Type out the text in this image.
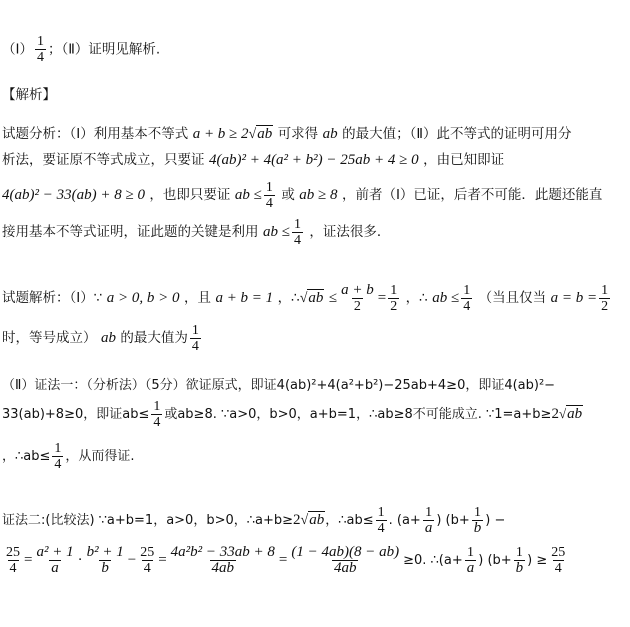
（Ⅰ） $\frac{1}{4}$ ；（Ⅱ）证明见解析.
【解析】
试题分析：（Ⅰ）利用基本不等式 a + b ≥ 2√ab 可求得 ab 的最大值；（Ⅱ）此不等式的证明可用分
析法，要证原不等式成立，只要证 4(ab)² + 4(a² + b²) − 25ab + 4 ≥ 0 ，由已知即证
4(ab)² − 33(ab) + 8 ≥ 0 ，也即只要证 ab ≤ $\frac{1}{4}$ 或 ab ≥ 8 ，前者（Ⅰ）已证，后者不可能．此题还能直
接用基本不等式证明，证此题的关键是利用 ab ≤ $\frac{1}{4}$ ，证法很多．
试题解析：（Ⅰ）∵ a > 0, b > 0 ，且 a + b = 1 ，∴√ab ≤ $\frac{a + b}{2} = \frac{1}{2}$ ，∴ ab ≤ $\frac{1}{4}$ （当且仅当 $a = b = \frac{1}{2}$
时，等号成立） ab 的最大值为 $\frac{1}{4}$
（Ⅱ）证法一：（分析法）（5分）欲证原式，即证4(ab)²+4(a²+b²)−25ab+4≥0，即证4(ab)²−
33(ab)+8≥0，即证$ab\le \frac{1}{4}$ 或ab≥8. ∵a>0，b>0，a+b=1，∴ab≥8不可能成立. ∵1=a+b≥2√ab
，∴ab≤ $\frac{1}{4}$ ，从而得证.
证法二:(比较法) ∵a+b=1，a>0，b>0，∴a+b≥2√ab，∴ab≤ $\frac{1}{4}$ . ($a+ \frac{1}{a}$ ) ($b+ \frac{1}{b}$ ) −
$\frac{25}{4} = \frac{\text{a² + 1}}{a} \cdot \frac{\text{b² + 1}}{b} - \frac{25}{4} = \frac{\text{4a²b² − 33ab + 8}}{4ab} = \frac{(1 - 4ab)(8 - ab)}{4ab} \ge 0$. ∴(a+ $\frac{1}{a}$ ) ($b+ \frac{1}{b}$ ) ≥ $\frac{25}{4}$
